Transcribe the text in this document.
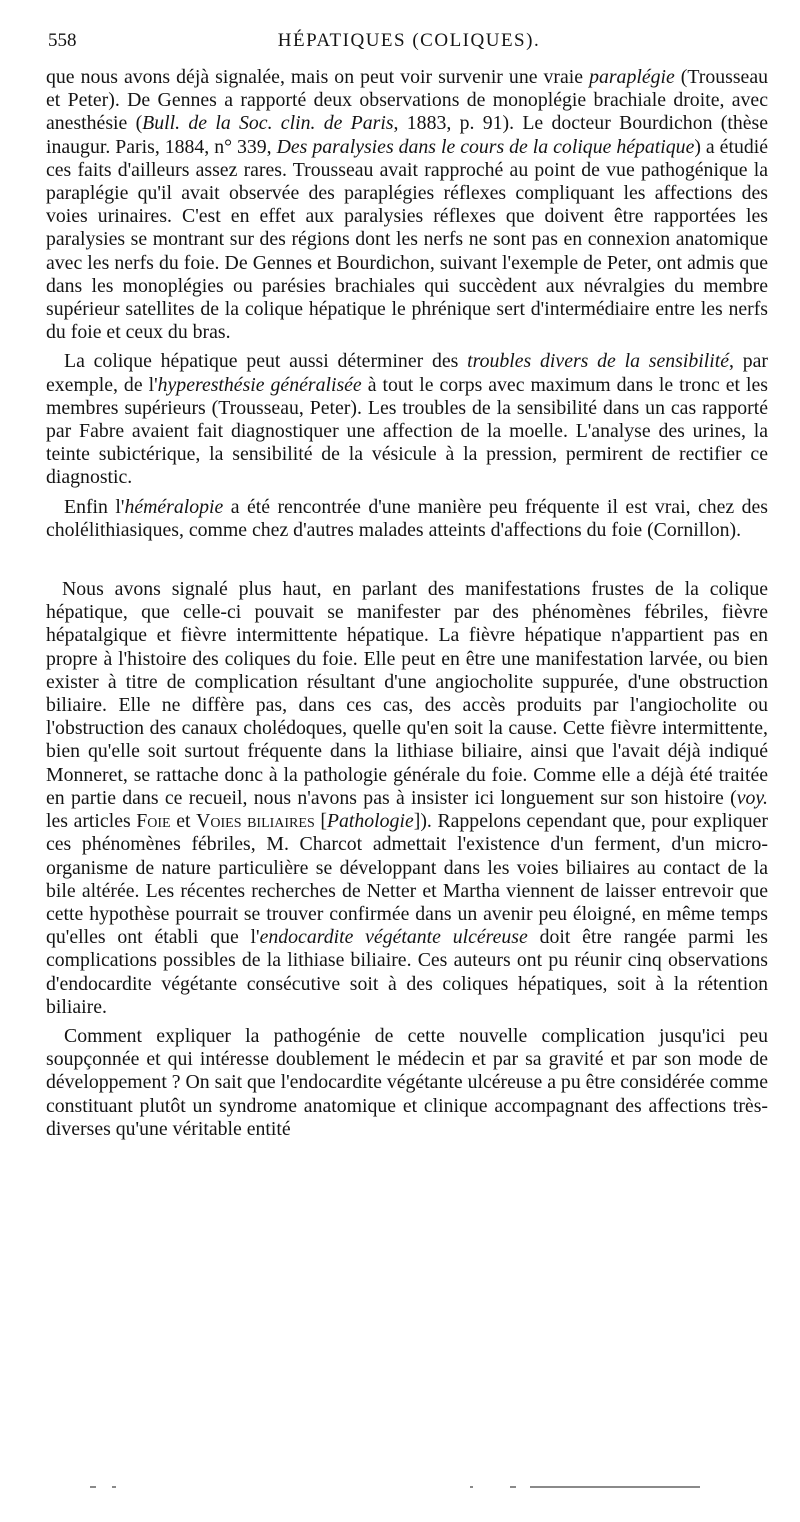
558	HÉPATIQUES (COLIQUES).

que nous avons déjà signalée, mais on peut voir survenir une vraie paraplégie (Trousseau et Peter). De Gennes a rapporté deux observations de monoplégie brachiale droite, avec anesthésie (Bull. de la Soc. clin. de Paris, 1883, p. 91). Le docteur Bourdichon (thèse inaugur. Paris, 1884, n° 339, Des paralysies dans le cours de la colique hépatique) a étudié ces faits d'ailleurs assez rares. Trousseau avait rapproché au point de vue pathogénique la paraplégie qu'il avait observée des paraplégies réflexes compliquant les affections des voies urinaires. C'est en effet aux paralysies réflexes que doivent être rapportées les paralysies se montrant sur des régions dont les nerfs ne sont pas en connexion anatomique avec les nerfs du foie. De Gennes et Bourdichon, suivant l'exemple de Peter, ont admis que dans les monoplégies ou parésies brachiales qui succèdent aux névralgies du membre supérieur satellites de la colique hépatique le phrénique sert d'intermédiaire entre les nerfs du foie et ceux du bras.

La colique hépatique peut aussi déterminer des troubles divers de la sensibilité, par exemple, de l'hyperesthésie généralisée à tout le corps avec maximum dans le tronc et les membres supérieurs (Trousseau, Peter). Les troubles de la sensibilité dans un cas rapporté par Fabre avaient fait diagnostiquer une affection de la moelle. L'analyse des urines, la teinte subictérique, la sensibilité de la vésicule à la pression, permirent de rectifier ce diagnostic.

Enfin l'héméralopie a été rencontrée d'une manière peu fréquente il est vrai, chez des cholélithiasiques, comme chez d'autres malades atteints d'affections du foie (Cornillon).

Nous avons signalé plus haut, en parlant des manifestations frustes de la colique hépatique, que celle-ci pouvait se manifester par des phénomènes fébriles, fièvre hépatalgique et fièvre intermittente hépatique. La fièvre hépatique n'appartient pas en propre à l'histoire des coliques du foie. Elle peut en être une manifestation larvée, ou bien exister à titre de complication résultant d'une angiocholite suppurée, d'une obstruction biliaire. Elle ne diffère pas, dans ces cas, des accès produits par l'angiocholite ou l'obstruction des canaux cholédoques, quelle qu'en soit la cause. Cette fièvre intermittente, bien qu'elle soit surtout fréquente dans la lithiase biliaire, ainsi que l'avait déjà indiqué Monneret, se rattache donc à la pathologie générale du foie. Comme elle a déjà été traitée en partie dans ce recueil, nous n'avons pas à insister ici longuement sur son histoire (voy. les articles Foie et Voies biliaires [Pathologie]). Rappelons cependant que, pour expliquer ces phénomènes fébriles, M. Charcot admettait l'existence d'un ferment, d'un micro-organisme de nature particulière se développant dans les voies biliaires au contact de la bile altérée. Les récentes recherches de Netter et Martha viennent de laisser entrevoir que cette hypothèse pourrait se trouver confirmée dans un avenir peu éloigné, en même temps qu'elles ont établi que l'endocardite végétante ulcéreuse doit être rangée parmi les complications possibles de la lithiase biliaire. Ces auteurs ont pu réunir cinq observations d'endocardite végétante consécutive soit à des coliques hépatiques, soit à la rétention biliaire.

Comment expliquer la pathogénie de cette nouvelle complication jusqu'ici peu soupçonnée et qui intéresse doublement le médecin et par sa gravité et par son mode de développement ? On sait que l'endocardite végétante ulcéreuse a pu être considérée comme constituant plutôt un syndrome anatomique et clinique accompagnant des affections très-diverses qu'une véritable entité
